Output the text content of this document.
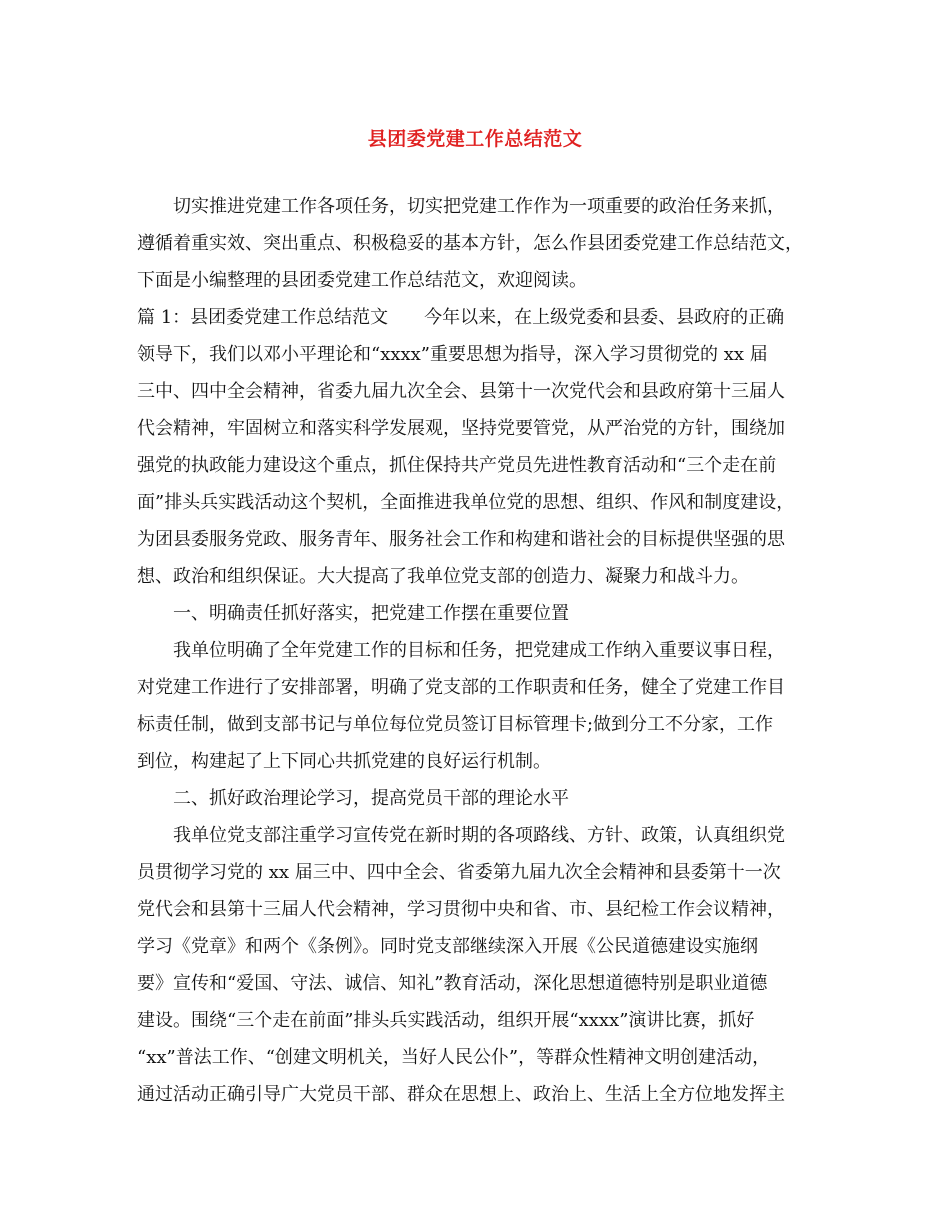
县团委党建工作总结范文
切实推进党建工作各项任务，切实把党建工作作为一项重要的政治任务来抓，
遵循着重实效、突出重点、积极稳妥的基本方针，怎么作县团委党建工作总结范文，
下面是小编整理的县团委党建工作总结范文，欢迎阅读。
篇 1：县团委党建工作总结范文　　今年以来，在上级党委和县委、县政府的正确
领导下，我们以邓小平理论和“xxxx”重要思想为指导，深入学习贯彻党的 xx 届
三中、四中全会精神，省委九届九次全会、县第十一次党代会和县政府第十三届人
代会精神，牢固树立和落实科学发展观，坚持党要管党，从严治党的方针，围绕加
强党的执政能力建设这个重点，抓住保持共产党员先进性教育活动和“三个走在前
面”排头兵实践活动这个契机，全面推进我单位党的思想、组织、作风和制度建设，
为团县委服务党政、服务青年、服务社会工作和构建和谐社会的目标提供坚强的思
想、政治和组织保证。大大提高了我单位党支部的创造力、凝聚力和战斗力。
一、明确责任抓好落实，把党建工作摆在重要位置
我单位明确了全年党建工作的目标和任务，把党建成工作纳入重要议事日程，
对党建工作进行了安排部署，明确了党支部的工作职责和任务，健全了党建工作目
标责任制，做到支部书记与单位每位党员签订目标管理卡;做到分工不分家，工作
到位，构建起了上下同心共抓党建的良好运行机制。
二、抓好政治理论学习，提高党员干部的理论水平
我单位党支部注重学习宣传党在新时期的各项路线、方针、政策，认真组织党
员贯彻学习党的 xx 届三中、四中全会、省委第九届九次全会精神和县委第十一次
党代会和县第十三届人代会精神，学习贯彻中央和省、市、县纪检工作会议精神，
学习《党章》和两个《条例》。同时党支部继续深入开展《公民道德建设实施纲
要》宣传和“爱国、守法、诚信、知礼”教育活动，深化思想道德特别是职业道德
建设。围绕“三个走在前面”排头兵实践活动，组织开展“xxxx”演讲比赛，抓好
“xx”普法工作、“创建文明机关，当好人民公仆”，等群众性精神文明创建活动，
通过活动正确引导广大党员干部、群众在思想上、政治上、生活上全方位地发挥主
